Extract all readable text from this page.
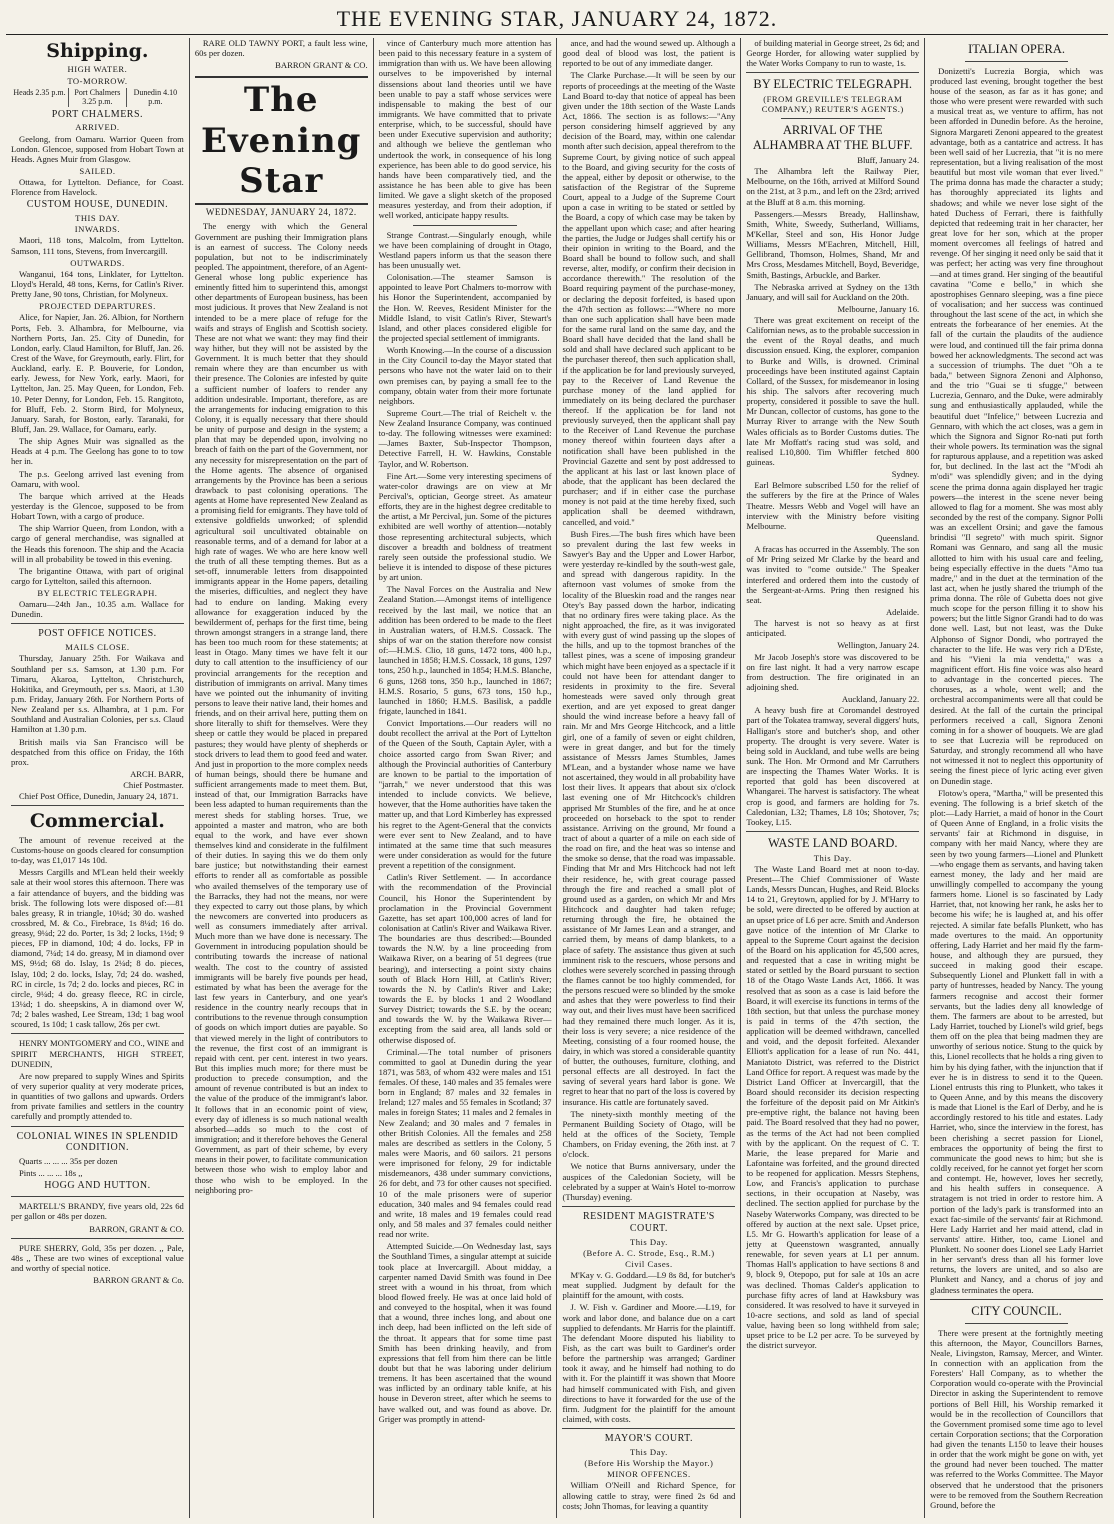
THE EVENING STAR, JANUARY 24, 1872.
Shipping.
HIGH WATER.
TO-MORROW.
Heads 2.35 p.m.	Port Chalmers 3.25 p.m.
Dunedin 4.10 p.m.
PORT CHALMERS.
ARRIVED.

Geelong, from Oamaru. Warrior Queen from London. Glencoe, supposed from Hobart Town at Heads. Agnes Muir from Glasgow.

SAILED.

Ottawa, for Lyttelton. Defiance, for Coast. Florence from Havelock.

CUSTOM HOUSE, DUNEDIN.
THIS DAY.
INWARDS.

Maori, 118 tons, Malcolm, from Lyttelton. Samson, 111 tons, Stevens, from Invercargill.

OUTWARDS.

Wanganui, 164 tons, Linklater, for Lyttelton. Lloyd's Herald, 48 tons, Kerns, for Catlin's River. Pretty Jane, 90 tons, Christian, for Molyneux.

PROJECTED DEPARTURES.

Alice, for Napier, Jan. 26. Albion, for Northern Ports, Feb. 3. Alhambra, for Melbourne, via Northern Ports, Jan. 25. City of Dunedin, for London, early. Claud Hamilton, for Bluff, Jan. 26. Crest of the Wave, for Greymouth, early. Flirt, for Auckland, early. E. P. Bouverie, for London, early. Jewess, for New York, early. Maori, for Lyttelton, Jan. 25. May Queen, for London, Feb. 10. Peter Denny, for London, Feb. 15. Rangitoto, for Bluff, Feb. 2. Storm Bird, for Molyneux, January. Sarah, for Boston, early. Taranaki, for Bluff, Jan. 29. Wallace, for Oamaru, early.

The ship Agnes Muir was signalled as the Heads at 4 p.m. The Geelong has gone to to tow her in.

The p.s. Geelong arrived last evening from Oamaru, with wool.

The barque which arrived at the Heads yesterday is the Glencoe, supposed to be from Hobart Town, with a cargo of produce.

The ship Warrior Queen, from London, with a cargo of general merchandise, was signalled at the Heads this forenoon. The ship and the Acacia will in all probability be towed in this evening.

The brigantine Ottawa, with part of original cargo for Lyttelton, sailed this afternoon.

BY ELECTRIC TELEGRAPH.

Oamaru—24th Jan., 10.35 a.m. Wallace for Dunedin.

POST OFFICE NOTICES.
MAILS CLOSE.

Thursday, January 25th. For Waikava and Southland per s.s. Samson, at 1.30 p.m. For Timaru, Akaroa, Lyttelton, Christchurch, Hokitika, and Greymouth, per s.s. Maori, at 1.30 p.m. Friday, January 26th. For Northern Ports of New Zealand per s.s. Alhambra, at 1 p.m. For Southland and Australian Colonies, per s.s. Claud Hamilton at 1.30 p.m.

British mails via San Francisco will be despatched from this office on Friday, the 16th prox.

ARCH. BARR,
Chief Postmaster.

Chief Post Office, Dunedin, January 24, 1871.

Commercial.

The amount of revenue received at the Customs-house on goods cleared for consumption to-day, was £1,017 14s 10d.

Messrs Cargills and M'Lean held their weekly sale at their wool stores this afternoon. There was a fair attendance of buyers, and the bidding was brisk. The following lots were disposed of:—81 bales greasy, R in triangle, 10¼d; 30 do. washed crossbred, M. & Co., Firebrace, 1s 8¼d; 16 do. greasy, 9¼d; 22 do. Porter, 1s 3d; 2 locks, 1½d; 9 pieces, FP in diamond, 10d; 4 do. locks, FP in diamond, 7¼d; 14 do. greasy, M in diamond over MS, 9½d; 68 do. Islay, 1s 2¼d; 8 do. pieces, Islay, 10d; 2 do. locks, Islay, 7d; 24 do. washed, RC in circle, 1s 7d; 2 do. locks and pieces, RC in circle, 9¼d; 4 do. greasy fleece, RC in circle, 13¼d; 1 do. sheepskins, A in diamond over W, 7d; 2 bales washed, Lee Stream, 13d; 1 bag wool scoured, 1s 10d; 1 cask tallow, 26s per cwt.

HENRY MONTGOMERY and CO., WINE and SPIRIT MERCHANTS, HIGH STREET, DUNEDIN,

Are now prepared to supply Wines and Spirits of very superior quality at very moderate prices, in quantities of two gallons and upwards. Orders from private families and settlers in the country carefully and promptly attended to.

COLONIAL WINES IN SPLENDID CONDITION.

Quarts ... ... ... 35s per dozen

Pints ... ... ... 18s ,,

HOGG AND HUTTON.

MARTELL'S BRANDY, five years old, 22s 6d per gallon or 48s per dozen.

BARRON, GRANT & CO.

PURE SHERRY, Gold, 35s per dozen. ,, Pale, 48s ,, These are two wines of exceptional value and worthy of special notice.

BARRON GRANT & Co.

RARE OLD TAWNY PORT, a fault less wine, 60s per dozen.

BARRON GRANT & CO.
The Evening Star
WEDNESDAY, JANUARY 24, 1872.

The energy with which the General Government are pushing their Immigration plans is an earnest of success. The Colony needs population, but not to be indiscriminately peopled. The appointment, therefore, of an Agent-General whose long public experience has eminently fitted him to superintend this, amongst other departments of European business, has been most judicious. It proves that New Zealand is not intended to be a mere place of refuge for the waifs and strays of English and Scottish society. These are not what we want: they may find their way hither, but they will not be assisted by the Government. It is much better that they should remain where they are than encumber us with their presence. The Colonies are infested by quite a sufficient number of loafers to render any addition undesirable. Important, therefore, as are the arrangements for inducing emigration to this Colony, it is equally necessary that there should be unity of purpose and design in the system; a plan that may be depended upon, involving no breach of faith on the part of the Government, nor any necessity for misrepresentation on the part of the Home agents. The absence of organised arrangements by the Province has been a serious drawback to past colonising operations. The agents at Home have represented New Zealand as a promising field for emigrants. They have told of extensive goldfields unworked; of splendid agricultural soil uncultivated obtainable on reasonable terms, and of a demand for labor at a high rate of wages. We who are here know well the truth of all these tempting themes. But as a set-off, innumerable letters from disappointed immigrants appear in the Home papers, detailing the miseries, difficulties, and neglect they have had to endure on landing. Making every allowance for exaggeration induced by the bewilderment of, perhaps for the first time, being thrown amongst strangers in a strange land, there has been too much room for these statements; at least in Otago. Many times we have felt it our duty to call attention to the insufficiency of our provincial arrangements for the reception and distribution of immigrants on arrival. Many times have we pointed out the inhumanity of inviting persons to leave their native land, their homes and friends, and on their arrival here, putting them on shore literally to shift for themselves. Were they sheep or cattle they would be placed in prepared pastures; they would have plenty of shepherds or stock drivers to lead them to good feed and water. And just in proportion to the more complex needs of human beings, should there be humane and sufficient arrangements made to meet them. But, instead of that, our Immigration Barracks have been less adapted to human requirements than the merest sheds for stabling horses. True, we appointed a master and matron, who are both equal to the work, and have ever shown themselves kind and considerate in the fulfilment of their duties. In saying this we do them only bare justice; but notwithstanding their earnest efforts to render all as comfortable as possible who availed themselves of the temporary use of the Barracks, they had not the means, nor were they expected to carry out those plans, by which the newcomers are converted into producers as well as consumers immediately after arrival. Much more than we have done is necessary. The Government in introducing population should be contributing towards the increase of national wealth. The cost to the country of assisted immigrants will be barely five pounds per head, estimated by what has been the average for the last few years in Canterbury, and one year's residence in the country nearly recoups that in contributions to the revenue through consumption of goods on which import duties are payable. So that viewed merely in the light of contributors to the revenue, the first cost of an immigrant is repaid with cent. per cent. interest in two years. But this implies much more; for there must be production to precede consumption, and the amount of revenue contributed is but an index to the value of the produce of the immigrant's labor. It follows that in an economic point of view, every day of idleness is so much national wealth absorbed—adds so much to the cost of immigration; and it therefore behoves the General Government, as part of their scheme, by every means in their power, to facilitate communication between those who wish to employ labor and those who wish to be employed. In the neighboring pro-

vince of Canterbury much more attention has been paid to this necessary feature in a system of immigration than with us. We have been allowing ourselves to be impoverished by internal dissensions about land theories until we have been unable to pay a staff whose services were indispensable to making the best of our immigrants. We have committed that to private enterprise, which, to be successful, should have been under Executive supervision and authority; and although we believe the gentleman who undertook the work, in consequence of his long experience, has been able to do good service, his hands have been comparatively tied, and the assistance he has been able to give has been limited. We gave a slight sketch of the proposed measures yesterday, and from their adoption, if well worked, anticipate happy results.

Strange Contrast.—Singularly enough, while we have been complaining of drought in Otago, Westland papers inform us that the season there has been unusually wet.

Colonisation.—The steamer Samson is appointed to leave Port Chalmers to-morrow with his Honor the Superintendent, accompanied by the Hon. W. Reeves, Resident Minister for the Middle Island, to visit Catlin's River, Stewart's Island, and other places considered eligible for the projected special settlement of immigrants.

Worth Knowing.—In the course of a discussion in the City Council to-day the Mayor stated that persons who have not the water laid on to their own premises can, by paying a small fee to the company, obtain water from their more fortunate neighbors.

Supreme Court.—The trial of Reichelt v. the New Zealand Insurance Company, was continued to-day. The following witnesses were examined:—James Baxter, Sub-Inspector Thompson, Detective Farrell, H. W. Hawkins, Constable Taylor, and W. Robertson.

Fine Art.—Some very interesting specimens of water-color drawings are on view at Mr Percival's, optician, George street. As amateur efforts, they are in the highest degree creditable to the artist, a Mr Percival, jun. Some of the pictures exhibited are well worthy of attention—notably those representing architectural subjects, which discover a breadth and boldness of treatment rarely seen outside the professional studio. We believe it is intended to dispose of these pictures by art union.

The Naval Forces on the Australia and New Zealand Station.—Amongst items of intelligence received by the last mail, we notice that an addition has been ordered to be made to the fleet in Australian waters, of H.M.S. Cossack. The ships of war on the station therefore now consist of:—H.M.S. Clio, 18 guns, 1472 tons, 400 h.p., launched in 1858; H.M.S. Cossack, 18 guns, 1297 tons, 250 h.p., launched in 1854; H.M.S. Blanche, 6 guns, 1268 tons, 350 h.p., launched in 1867; H.M.S. Rosario, 5 guns, 673 tons, 150 h.p., launched in 1860; H.M.S. Basilisk, a paddle frigate, launched in 1841.

Convict Importations.—Our readers will no doubt recollect the arrival at the Port of Lyttelton of the Queen of the South, Captain Ayler, with a choice assorted cargo from Swan River; and although the Provincial authorities of Canterbury are known to be partial to the importation of "jarrah," we never understood that this was intended to include convicts. We believe, however, that the Home authorities have taken the matter up, and that Lord Kimberley has expressed his regret to the Agent-General that the convicts were ever sent to New Zealand, and to have intimated at the same time that such measures were under consideration as would for the future prevent a repetition of the consignment.

Catlin's River Settlement. — In accordance with the recommendation of the Provincial Council, his Honor the Superintendent by proclamation in the Provincial Government Gazette, has set apart 100,000 acres of land for colonisation at Catlin's River and Waikawa River. The boundaries are thus described:—Bounded towards the N.W. by a line proceeding from Waikawa River, on a bearing of 51 degrees (true bearing), and intersecting a point sixty chains south of Black Horn Hill, at Catlin's River; towards the N. by Catlin's River and Lake; towards the E. by blocks 1 and 2 Woodland Survey District; towards the S.E. by the ocean; and towards the W. by the Waikawa River—excepting from the said area, all lands sold or otherwise disposed of.

Criminal.—The total number of prisoners committed to gaol at Dunedin during the year 1871, was 583, of whom 432 were males and 151 females. Of these, 140 males and 35 females were born in England; 87 males and 32 females in Ireland; 127 males and 55 females in Scotland; 37 males in foreign States; 11 males and 2 females in New Zealand; and 30 males and 7 females in other British Colonies. All the females and 258 males are described as settlers in the Colony, 5 males were Maoris, and 60 sailors. 21 persons were imprisoned for felony, 29 for indictable misdemeanors, 438 under summary convictions, 26 for debt, and 73 for other causes not specified. 10 of the male prisoners were of superior education, 340 males and 94 females could read and write, 18 males and 19 females could read only, and 58 males and 37 females could neither read nor write.

Attempted Suicide.—On Wednesday last, says the Southland Times, a singular attempt at suicide took place at Invercargill. About midday, a carpenter named David Smith was found in Dee street with a wound in his throat, from which blood flowed freely. He was at once laid hold of and conveyed to the hospital, when it was found that a wound, three inches long, and about one inch deep, had been inflicted on the left side of the throat. It appears that for some time past Smith has been drinking heavily, and from expressions that fell from him there can be little doubt but that he was laboring under delirium tremens. It has been ascertained that the wound was inflicted by an ordinary table knife, at his house in Deveron street, after which he seems to have walked out, and was found as above. Dr. Griger was promptly in attend-

ance, and had the wound sewed up. Although a good deal of blood was lost, the patient is reported to be out of any immediate danger.

The Clarke Purchase.—It will be seen by our reports of proceedings at the meeting of the Waste Land Board to-day that notice of appeal has been given under the 18th section of the Waste Lands Act, 1866. The section is as follows:—"Any person considering himself aggrieved by any decision of the Board, may, within one calendar month after such decision, appeal therefrom to the Supreme Court, by giving notice of such appeal to the Board, and giving security for the costs of the appeal, either by deposit or otherwise, to the satisfaction of the Registrar of the Supreme Court, appeal to a Judge of the Supreme Court upon a case in writing to be stated or settled by the Board, a copy of which case may be taken by the appellant upon which case; and after hearing the parties, the Judge or Judges shall certify his or their opinion in writing to the Board, and the Board shall be bound to follow such, and shall reverse, alter, modify, or confirm their decision in accordance therewith." The resolution of the Board requiring payment of the purchase-money, or declaring the deposit forfeited, is based upon the 47th section as follows:—"Where no more than one such application shall have been made for the same rural land on the same day, and the Board shall have decided that the land shall be sold and shall have declared such applicant to be the purchaser thereof, then such application shall, if the application be for land previously surveyed, pay to the Receiver of Land Revenue the purchase money of the land applied for immediately on its being declared the purchaser thereof. If the application be for land not previously surveyed, then the applicant shall pay to the Receiver of Land Revenue the purchase money thereof within fourteen days after a notification shall have been published in the Provincial Gazette and sent by post addressed to the applicant at his last or last known place of abode, that the applicant has been declared the purchaser; and if in either case the purchase money is not paid at the time hereby fixed, such application shall be deemed withdrawn, cancelled, and void."

Bush Fires.—The bush fires which have been so prevalent during the last few weeks in Sawyer's Bay and the Upper and Lower Harbor, were yesterday re-kindled by the south-west gale, and spread with dangerous rapidity. In the afternoon vast volumes of smoke from the locality of the Blueskin road and the ranges near Otey's Bay passed down the harbor, indicating that no ordinary fires were taking place. As the night approached, the fire, as it was invigorated with every gust of wind passing up the slopes of the hills, and up to the topmost branches of the tallest pines, was a scene of imposing grandeur which might have been enjoyed as a spectacle if it could not have been for attendant danger to residents in proximity to the fire. Several homesteads were saved only through great exertion, and are yet exposed to great danger should the wind increase before a heavy fall of rain. Mr and Mrs George Hitchcock, and a little girl, one of a family of seven or eight children, were in great danger, and but for the timely assistance of Messrs James Stumbles, James M'Lean, and a bystander whose name we have not ascertained, they would in all probability have lost their lives. It appears that about six o'clock last evening one of Mr Hitchcock's children apprised Mr Stumbles of the fire, and he at once proceeded on horseback to the spot to render assistance. Arriving on the ground, Mr found a tract of about a quarter of a mile on each side of the road on fire, and the heat was so intense and the smoke so dense, that the road was impassable. Finding that Mr and Mrs Hitchcock had not left their residence, he, with great courage passed through the fire and reached a small plot of ground used as a garden, on which Mr and Mrs Hitchcock and daughter had taken refuge; returning through the fire, he obtained the assistance of Mr James Lean and a stranger, and carried them, by means of damp blankets, to a place of safety. The assistance thus given at such imminent risk to the rescuers, whose persons and clothes were severely scorched in passing through the flames cannot be too highly commended, for the persons rescued were so blinded by the smoke and ashes that they were powerless to find their way out, and their lives must have been sacrificed had they remained there much longer. As it is, their loss is very severe; a nice residence of the Meeting, consisting of a four roomed house, the dairy, in which was stored a considerable quantity of butter, the outhouses, furniture, clothing, and personal effects are all destroyed. In fact the saving of several years hard labor is gone. We regret to hear that no part of the loss is covered by insurance. His cattle are fortunately saved.

The ninety-sixth monthly meeting of the Permanent Building Society of Otago, will be held at the offices of the Society, Temple Chambers, on Friday evening, the 26th inst. at 7 o'clock.

We notice that Burns anniversary, under the auspices of the Caledonian Society, will be celebrated by a supper at Wain's Hotel to-morrow (Thursday) evening.

RESIDENT MAGISTRATE'S COURT.
This Day.
(Before A. C. Strode, Esq., R.M.)
Civil Cases.

M'Kay v. G. Goddard.—L9 8s 8d, for butcher's meat supplied. Judgment by default for the plaintiff for the amount, with costs.

J. W. Fish v. Gardiner and Moore.—L19, for work and labor done, and balance due on a cart supplied to defendants. Mr Harris for the plaintiff. The defendant Moore disputed his liability to Fish, as the cart was built to Gardiner's order before the partnership was arranged; Gardiner took it away, and he himself had nothing to do with it. For the plaintiff it was shown that Moore had himself communicated with Fish, and given directions to have it forwarded for the use of the firm. Judgment for the plaintiff for the amount claimed, with costs.

MAYOR'S COURT.
This Day.
(Before His Worship the Mayor.)
MINOR OFFENCES.

William O'Neill and Richard Spence, for allowing cattle to stray, were fined 2s 6d and costs; John Thomas, for leaving a quantity

of building material in George street, 2s 6d; and George Horder, for allowing water supplied by the Water Works Company to run to waste, 1s.

BY ELECTRIC TELEGRAPH.
(FROM GREVILLE'S TELEGRAM COMPANY,) REUTER'S AGENTS.)
ARRIVAL OF THE ALHAMBRA AT THE BLUFF.
Bluff, January 24.

The Alhambra left the Railway Pier, Melbourne, on the 16th, arrived at Milford Sound on the 21st, at 3 p.m., and left on the 23rd; arrived at the Bluff at 8 a.m. this morning.

Passengers.—Messrs Bready, Hallinshaw, Smith, White, Sweedy, Sutherland, Williams, M'Kellar, Steel and son, His Honor Judge Williams, Messrs M'Eachren, Mitchell, Hill, Gellibrand, Thomson, Holmes, Shand, Mr and Mrs Cross, Mesdames Mitchell, Boyd, Beveridge, Smith, Bastings, Arbuckle, and Barker.

The Nebraska arrived at Sydney on the 13th January, and will sail for Auckland on the 20th.

Melbourne, January 16.

There was great excitement on receipt of the Californian news, as to the probable succession in the event of the Royal deaths, and much discussion ensued. King, the explorer, companion to Burke and Wills, is drowned. Criminal proceedings have been instituted against Captain Collard, of the Sussex, for misdemeanor in losing his ship. The salvors after recovering much property, considered it possible to save the hull. Mr Duncan, collector of customs, has gone to the Murray River to arrange with the New South Wales officials as to Border Customs duties. The late Mr Moffatt's racing stud was sold, and realised L10,800. Tim Whiffler fetched 800 guineas.

Sydney.

Earl Belmore subscribed L50 for the relief of the sufferers by the fire at the Prince of Wales Theatre. Messrs Webb and Vogel will have an interview with the Ministry before visiting Melbourne.

Queensland.

A fracas has occurred in the Assembly. The son of Mr Pring seized Mr Clarke by the beard and was invited to "come outside." The Speaker interfered and ordered them into the custody of the Sergeant-at-Arms. Pring then resigned his seat.

Adelaide.

The harvest is not so heavy as at first anticipated.

Wellington, January 24.

Mr Jacob Joseph's store was discovered to be on fire last night. It had a very narrow escape from destruction. The fire originated in an adjoining shed.

Auckland, January 22.

A heavy bush fire at Coromandel destroyed part of the Tokatea tramway, several diggers' huts, Halligan's store and butcher's shop, and other property. The drought is very severe. Water is being sold in Auckland, and tube wells are being sunk. The Hon. Mr Ormond and Mr Carruthers are inspecting the Thames Water Works. It is reported that gold has been discovered at Whangarei. The harvest is satisfactory. The wheat crop is good, and farmers are holding for 7s. Caledonian, L32; Thames, L8 10s; Shotover, 7s; Tookey, L15.

WASTE LAND BOARD.
This Day.

The Waste Land Board met at noon to-day. Present—The Chief Commissioner of Waste Lands, Messrs Duncan, Hughes, and Reid. Blocks 14 to 21, Greytown, applied for by J. M'Harry to be sold, were directed to be offered by auction at an upset price of L6 per acre. Smith and Anderson gave notice of the intention of Mr Clarke to appeal to the Supreme Court against the decision of the Board on his application for 45,500 acres, and requested that a case in writing might be stated or settled by the Board pursuant to section 18 of the Otago Waste Lands Act, 1866. It was resolved that as soon as a case is laid before the Board, it will exercise its functions in terms of the 18th section, but that unless the purchase money is paid in terms of the 47th section, the application will be deemed withdrawn, cancelled and void, and the deposit forfeited. Alexander Elliott's application for a lease of run No. 441, Maniatoto District, was referred to the District Land Office for report. A request was made by the District Land Officer at Invercargill, that the Board should reconsider its decision respecting the forfeiture of the deposit paid on Mr Aitkin's pre-emptive right, the balance not having been paid. The Board resolved that they had no power, as the terms of the Act had not been complied with by the applicant. On the request of C. T. Marie, the lease prepared for Marie and Lafontaine was forfeited, and the ground directed to be reopened for application. Messrs Stephens, Low, and Francis's application to purchase sections, in their occupation at Naseby, was declined. The section applied for purchase by the Naseby Waterworks Company, was directed to be offered by auction at the next sale. Upset price, L5. Mr G. Howarth's application for lease of a jetty at Queenstown wasgranted, annually renewable, for seven years at L1 per annum. Thomas Hall's application to have sections 8 and 9, block 9, Otepopo, put for sale at 10s an acre was declined. Thomas Calder's application to purchase fifty acres of land at Hawksbury was considered. It was resolved to have it surveyed in 10-acre sections, and sold as land of special value, having been so long withheld from sale; upset price to be L2 per acre. To be surveyed by the district surveyor.

ITALIAN OPERA.

Donizetti's Lucrezia Borgia, which was produced last evening, brought together the best house of the season, as far as it has gone; and those who were present were rewarded with such a musical treat as, we venture to affirm, has not been afforded in Dunedin before. As the heroine, Signora Margareti Zenoni appeared to the greatest advantage, both as a cantatrice and actress. It has been well said of her Lucrezia, that "it is no mere representation, but a living realisation of the most beautiful but most vile woman that ever lived." The prima donna has made the character a study; has thoroughly appreciated its lights and shadows; and while we never lose sight of the hated Duchess of Ferrari, there is faithfully depicted that redeeming trait in her character, her great love for her son, which at the proper moment overcomes all feelings of hatred and revenge. Of her singing it need only be said that it was perfect; her acting was very fine throughout—and at times grand. Her singing of the beautiful cavatina "Come e bello," in which she apostrophises Gennaro sleeping, was a fine piece of vocalisation; and her success was continued throughout the last scene of the act, in which she entreats the forbearance of her enemies. At the fall of the curtain the plaudits of the audience were loud, and continued till the fair prima donna bowed her acknowledgments. The second act was a succession of triumphs. The duet "Oh a te bada," between Signora Zenoni and Alphonso, and the trio "Guai se ti sfugge," between Lucrezia, Gennaro, and the Duke, were admirably sung and enthusiastically applauded, while the beautiful duet "Infelice," between Lucrezia and Gennaro, with which the act closes, was a gem in which the Signora and Signor Ro-nati put forth their whole powers. Its termination was the signal for rapturous applause, and a repetition was asked for, but declined. In the last act the "M'odi ah m'odi" was splendidly given; and in the dying scene the prima donna again displayed her tragic powers—the interest in the scene never being allowed to flag for a moment. She was most ably seconded by the rest of the company. Signor Polli was an excellent Orsini; and gave the famous brindisi "Il segreto" with much spirit. Signor Romani was Gennaro, and sang all the music allotted to him with his usual care and feeling, being especially effective in the duets "Amo tua madre," and in the duet at the termination of the last act, when he justly shared the triumph of the prima donna. The rôle of Gubetta does not give much scope for the person filling it to show his powers; but the little Signor Grandi had to do was done well. Last, but not least, was the Duke Alphonso of Signor Dondi, who portrayed the character to the life. He was very rich a D'Este, and his "Vieni la mia vendetta," was a magnificent effort. His fine voice was also heard to advantage in the concerted pieces. The choruses, as a whole, went well; and the orchestral accompaniments were all that could be desired. At the fall of the curtain the principal performers received a call, Signora Zenoni coming in for a shower of bouquets. We are glad to see that Lucrezia will be reproduced on Saturday, and strongly recommend all who have not witnessed it not to neglect this opportunity of seeing the finest piece of lyric acting ever given on Dunedin stage.

Flotow's opera, "Martha," will be presented this evening. The following is a brief sketch of the plot:—Lady Harriet, a maid of honor in the Court of Queen Anne of England, in a frolic visits the servants' fair at Richmond in disguise, in company with her maid Nancy, where they are seen by two young farmers—Lionel and Plunkett—who engage them as servants, and having taken earnest money, the lady and her maid are unwillingly compelled to accompany the young farmers home. Lionel is so fascinated by Lady Harriet, that, not knowing her rank, he asks her to become his wife; he is laughed at, and his offer rejected. A similar fate befalls Plunkett, who has made overtures to the maid. An opportunity offering, Lady Harriet and her maid fly the farm-house, and although they are pursued, they succeed in making good their escape. Subsequently Lionel and Plunkett fall in with a party of huntresses, headed by Nancy. The young farmers recognise and accost their former servants, but the ladies deny all knowledge of them. The farmers are about to be arrested, but Lady Harriet, touched by Lionel's wild grief, begs them off on the plea that being madmen they are unworthy of serious notice. Stung to the quick by this, Lionel recollects that he holds a ring given to him by his dying father, with the injunction that if ever he is in distress to send it to the Queen. Lionel entrusts this ring to Plunkett, who takes it to Queen Anne, and by this means the discovery is made that Lionel is the Earl of Derby, and he is accordingly restored to his title and estates. Lady Harriet, who, since the interview in the forest, has been cherishing a secret passion for Lionel, embraces the opportunity of being the first to communicate the good news to him; but she is coldly received, for he cannot yet forget her scorn and contempt. He, however, loves her secretly, and his health suffers in consequence. A stratagem is not tried in order to restore him. A portion of the lady's park is transformed into an exact fac-simile of the servants' fair at Richmond. Here Lady Harriet and her maid attend, clad in servants' attire. Hither, too, came Lionel and Plunkett. No sooner does Lionel see Lady Harriet in her servant's dress than all his former love returns, the lovers are united, and so also are Plunkett and Nancy, and a chorus of joy and gladness terminates the opera.

CITY COUNCIL.

There were present at the fortnightly meeting this afternoon, the Mayor, Councillors Barnes, Neale, Livingston, Ramsay, Mercer, and Winter. In connection with an application from the Foresters' Hall Company, as to whether the Corporation would co-operate with the Provincial Director in asking the Superintendent to remove portions of Bell Hill, his Worship remarked it would be in the recollection of Councillors that the Government promised some time ago to level certain Corporation sections; that the Corporation had given the tenants L150 to leave their houses in order that the work might be gone on with, yet the ground had never been touched. The matter was referred to the Works Committee. The Mayor observed that he understood that the prisoners were to be removed from the Southern Recreation Ground, before the
